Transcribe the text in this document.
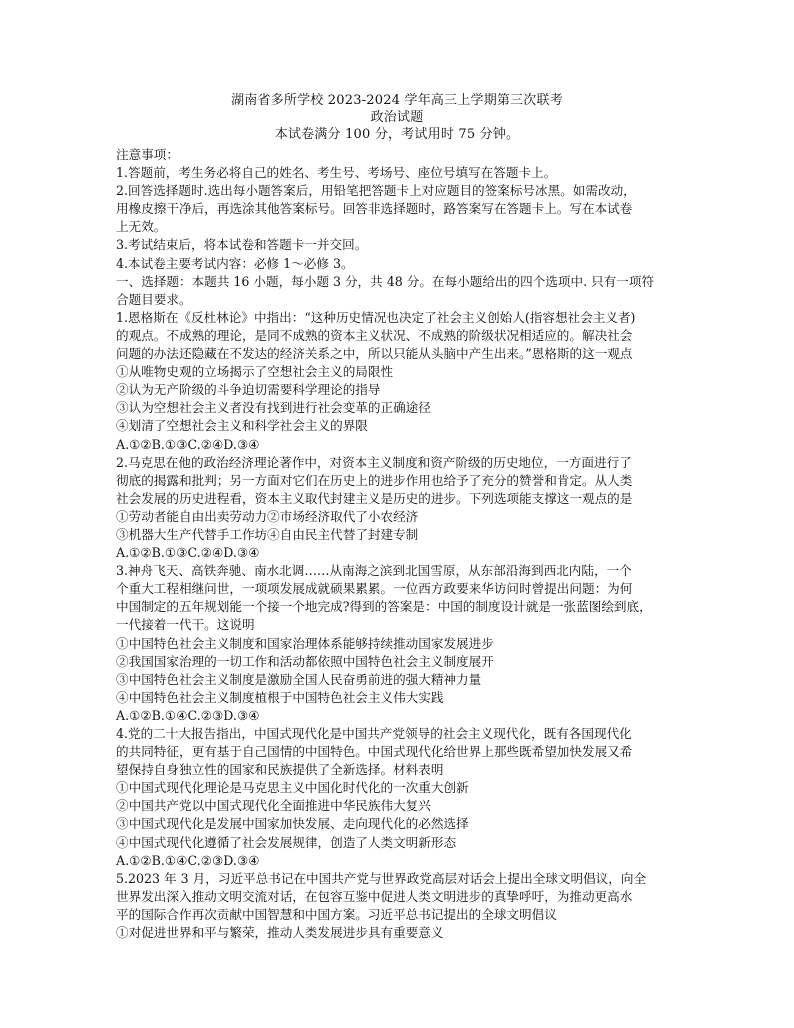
湖南省多所学校 2023-2024 学年高三上学期第三次联考
政治试题
本试卷满分 100 分，考试用时 75 分钟。

注意事项：

1.答题前，考生务必将自己的姓名、考生号、考场号、座位号填写在答题卡上。
2.回答选择题时.选出每小题答案后，用铅笔把答题卡上对应题目的签案标号冰黑。如需改动，
用橡皮擦干净后，再选涂其他答案标号。回答非选择题时，路答案写在答题卡上。写在本试卷
上无效。
3.考试结束后，将本试卷和答题卡一并交回。
4.本试卷主要考试内容：必修 1～必修 3。

一、选择题：本题共 16 小题，每小题 3 分，共 48 分。在每小题给出的四个选项中. 只有一项符
合题目要求。

1.恩格斯在《反杜林论》中指出：“这种历史情况也决定了社会主义创始人(指容想社会主义者)
的观点。不成熟的理论，是同不成熟的资本主义状况、不成熟的阶级状况相适应的。解决社会
问题的办法还隐藏在不发达的经济关系之中，所以只能从头脑中产生出来。”恩格斯的这一观点
①从唯物史观的立场揭示了空想社会主义的局限性
②认为无产阶级的斗争迫切需要科学理论的指导
③认为空想社会主义者没有找到进行社会变革的正确途径
④划清了空想社会主义和科学社会主义的界限
A.①②B.①③C.②④D.③④

2.马克思在他的政治经济理论著作中，对资本主义制度和资产阶级的历史地位，一方面进行了
彻底的揭露和批判；另一方面对它们在历史上的进步作用也给予了充分的赞誉和肯定。从人类
社会发展的历史进程看，资本主义取代封建主义是历史的进步。下列选项能支撑这一观点的是
①劳动者能自由出卖劳动力②市场经济取代了小农经济
③机器大生产代替手工作坊④自由民主代替了封建专制
A.①②B.①③C.②④D.③④

3.神舟飞天、高铁奔驰、南水北调……从南海之滨到北国雪原，从东部沿海到西北内陆，一个
个重大工程相继问世，一项项发展成就硕果累累。一位西方政要来华访问时曾提出问题：为何
中国制定的五年规划能一个接一个地完成?得到的答案是：中国的制度设计就是一张蓝图绘到底，
一代接着一代干。这说明
①中国特色社会主义制度和国家治理体系能够持续推动国家发展进步
②我国国家治理的一切工作和活动都依照中国特色社会主义制度展开
③中国特色社会主义制度是激励全国人民奋勇前进的强大精神力量
④中国特色社会主义制度植根于中国特色社会主义伟大实践
A.①②B.①④C.②③D.③④

4.党的二十大报告指出，中国式现代化是中国共产党领导的社会主义现代化，既有各国现代化
的共同特征，更有基于自己国情的中国特色。中国式现代化给世界上那些既希望加快发展又希
望保持自身独立性的国家和民族提供了全新选择。材料表明
①中国式现代化理论是马克思主义中国化时代化的一次重大创新
②中国共产党以中国式现代化全面推进中华民族伟大复兴
③中国式现代化是发展中国家加快发展、走向现代化的必然选择
④中国式现代化遵循了社会发展规律，创造了人类文明新形态
A.①②B.①④C.②③D.③④

5.2023 年 3 月，习近平总书记在中国共产党与世界政党高层对话会上提出全球文明倡议，向全
世界发出深入推动文明交流对话，在包容互鉴中促进人类文明进步的真挚呼吁，为推动更高水
平的国际合作再次贡献中国智慧和中国方案。习近平总书记提出的全球文明倡议
①对促进世界和平与繁荣，推动人类发展进步具有重要意义
